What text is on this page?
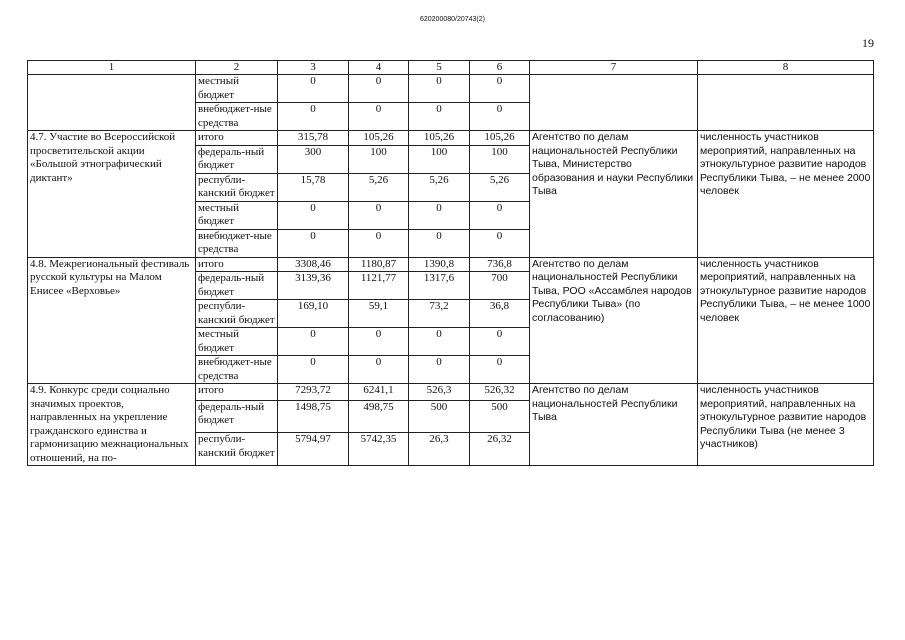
620200080/20743(2)
19
1	2	3	4	5	6	7	8
	местный бюджет	0	0	0	0		
	внебюджет-ные средства	0	0	0	0		
4.7. Участие во Всероссийской просветительской акции «Большой этнографический диктант»	итого	315,78	105,26	105,26	105,26	Агентство по делам национальностей Республики Тыва, Министерство образования и науки Республики Тыва	численность участников мероприятий, направленных на этнокультурное развитие народов Республики Тыва, – не менее 2000 человек
	федераль-ный бюджет	300	100	100	100		
	республи-канский бюджет	15,78	5,26	5,26	5,26		
	местный бюджет	0	0	0	0		
	внебюджет-ные средства	0	0	0	0		
4.8. Межрегиональный фестиваль русской культуры на Малом Енисее «Верховье»	итого	3308,46	1180,87	1390,8	736,8	Агентство по делам национальностей Республики Тыва, РОО «Ассамблея народов Республики Тыва» (по согласованию)	численность участников мероприятий, направленных на этнокультурное развитие народов Республики Тыва, – не менее 1000 человек
	федераль-ный бюджет	3139,36	1121,77	1317,6	700		
	республи-канский бюджет	169,10	59,1	73,2	36,8		
	местный бюджет	0	0	0	0		
	внебюджет-ные средства	0	0	0	0		
4.9. Конкурс среди социально значимых проектов, направленных на укрепление гражданского единства и гармонизацию межнациональных отношений, на по-	итого	7293,72	6241,1	526,3	526,32	Агентство по делам национальностей Республики Тыва	численность участников мероприятий, направленных на этнокультурное развитие народов Республики Тыва (не менее 3 участников)
	федераль-ный бюджет	1498,75	498,75	500	500		
	республи-канский бюджет	5794,97	5742,35	26,3	26,32		
